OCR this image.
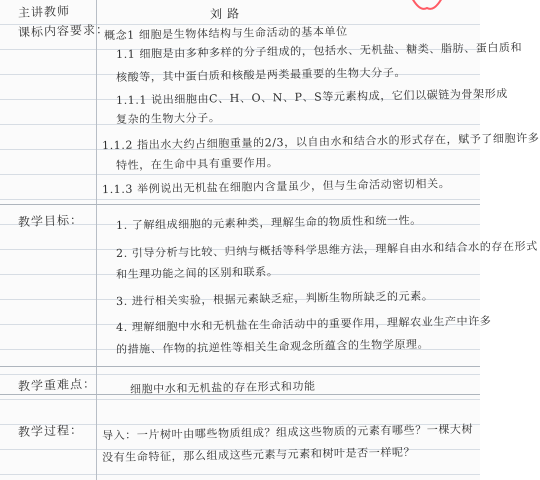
主讲教师	刘 路
课标内容要求：
概念1 细胞是生物体结构与生命活动的基本单位
1.1 细胞是由多种多样的分子组成的，包括水、无机盐、糖类、脂肪、蛋白质和
核酸等，其中蛋白质和核酸是两类最重要的生物大分子。
1.1.1 说出细胞由C、H、O、N、P、S等元素构成，它们以碳链为骨架形成
复杂的生物大分子。
1.1.2 指出水大约占细胞重量的2/3，以自由水和结合水的形式存在，赋予了细胞许多
特性，在生命中具有重要作用。
1.1.3 举例说出无机盐在细胞内含量虽少，但与生命活动密切相关。
教学目标：	1. 了解组成细胞的元素种类，理解生命的物质性和统一性。
2. 引导分析与比较、归纳与概括等科学思维方法，理解自由水和结合水的存在形式
和生理功能之间的区别和联系。
3. 进行相关实验，根据元素缺乏症，判断生物所缺乏的元素。
4. 理解细胞中水和无机盐在生命活动中的重要作用，理解农业生产中许多
的措施、作物的抗逆性等相关生命观念所蕴含的生物学原理。
教学重难点：	细胞中水和无机盐的存在形式和功能
教学过程： 导入：一片树叶由哪些物质组成？组成这些物质的元素有哪些？一棵大树
没有生命特征，那么组成这些元素与元素和树叶是否一样呢？
